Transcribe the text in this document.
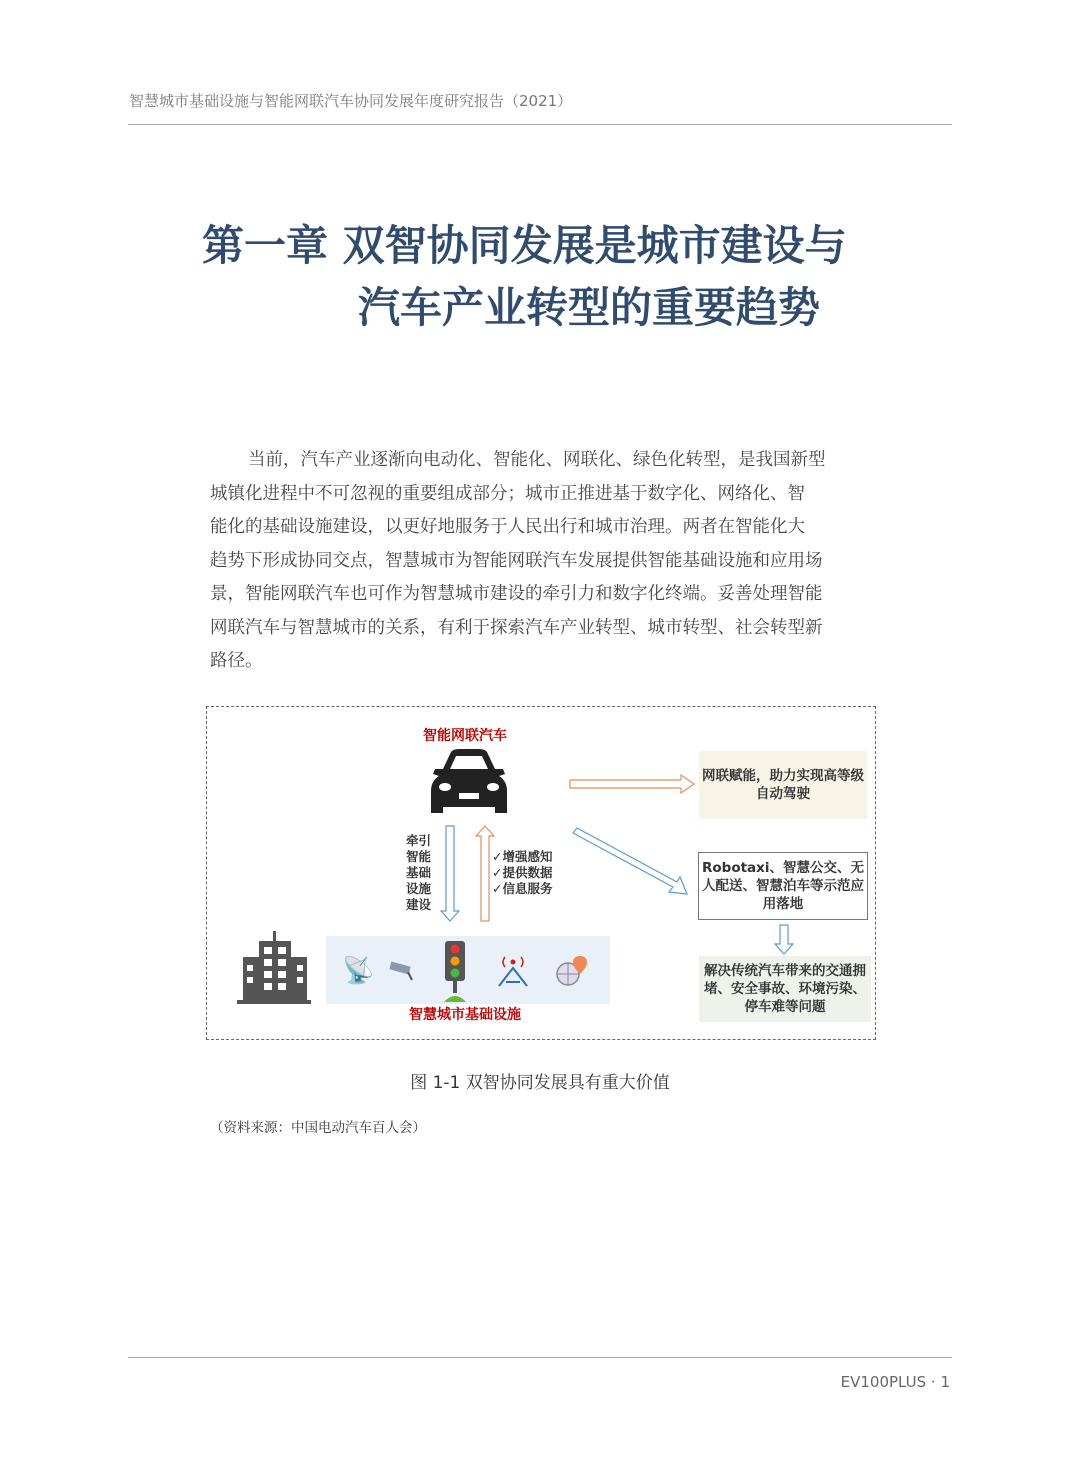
智慧城市基础设施与智能网联汽车协同发展年度研究报告（2021）
第一章 双智协同发展是城市建设与
汽车产业转型的重要趋势
当前，汽车产业逐渐向电动化、智能化、网联化、绿色化转型，是我国新型
城镇化进程中不可忽视的重要组成部分；城市正推进基于数字化、网络化、智
能化的基础设施建设，以更好地服务于人民出行和城市治理。两者在智能化大
趋势下形成协同交点，智慧城市为智能网联汽车发展提供智能基础设施和应用场
景，智能网联汽车也可作为智慧城市建设的牵引力和数字化终端。妥善处理智能
网联汽车与智慧城市的关系，有利于探索汽车产业转型、城市转型、社会转型新
路径。
智能网联汽车
牵引
智能
基础
设施
建设
✓增强感知
✓提供数据
✓信息服务
📡
智慧城市基础设施
网联赋能，助力实现高等级自动驾驶
Robotaxi、智慧公交、无人配送、智慧泊车等示范应用落地
解决传统汽车带来的交通拥堵、安全事故、环境污染、停车难等问题
图 1-1 双智协同发展具有重大价值
（资料来源：中国电动汽车百人会）
EV100PLUS · 1
